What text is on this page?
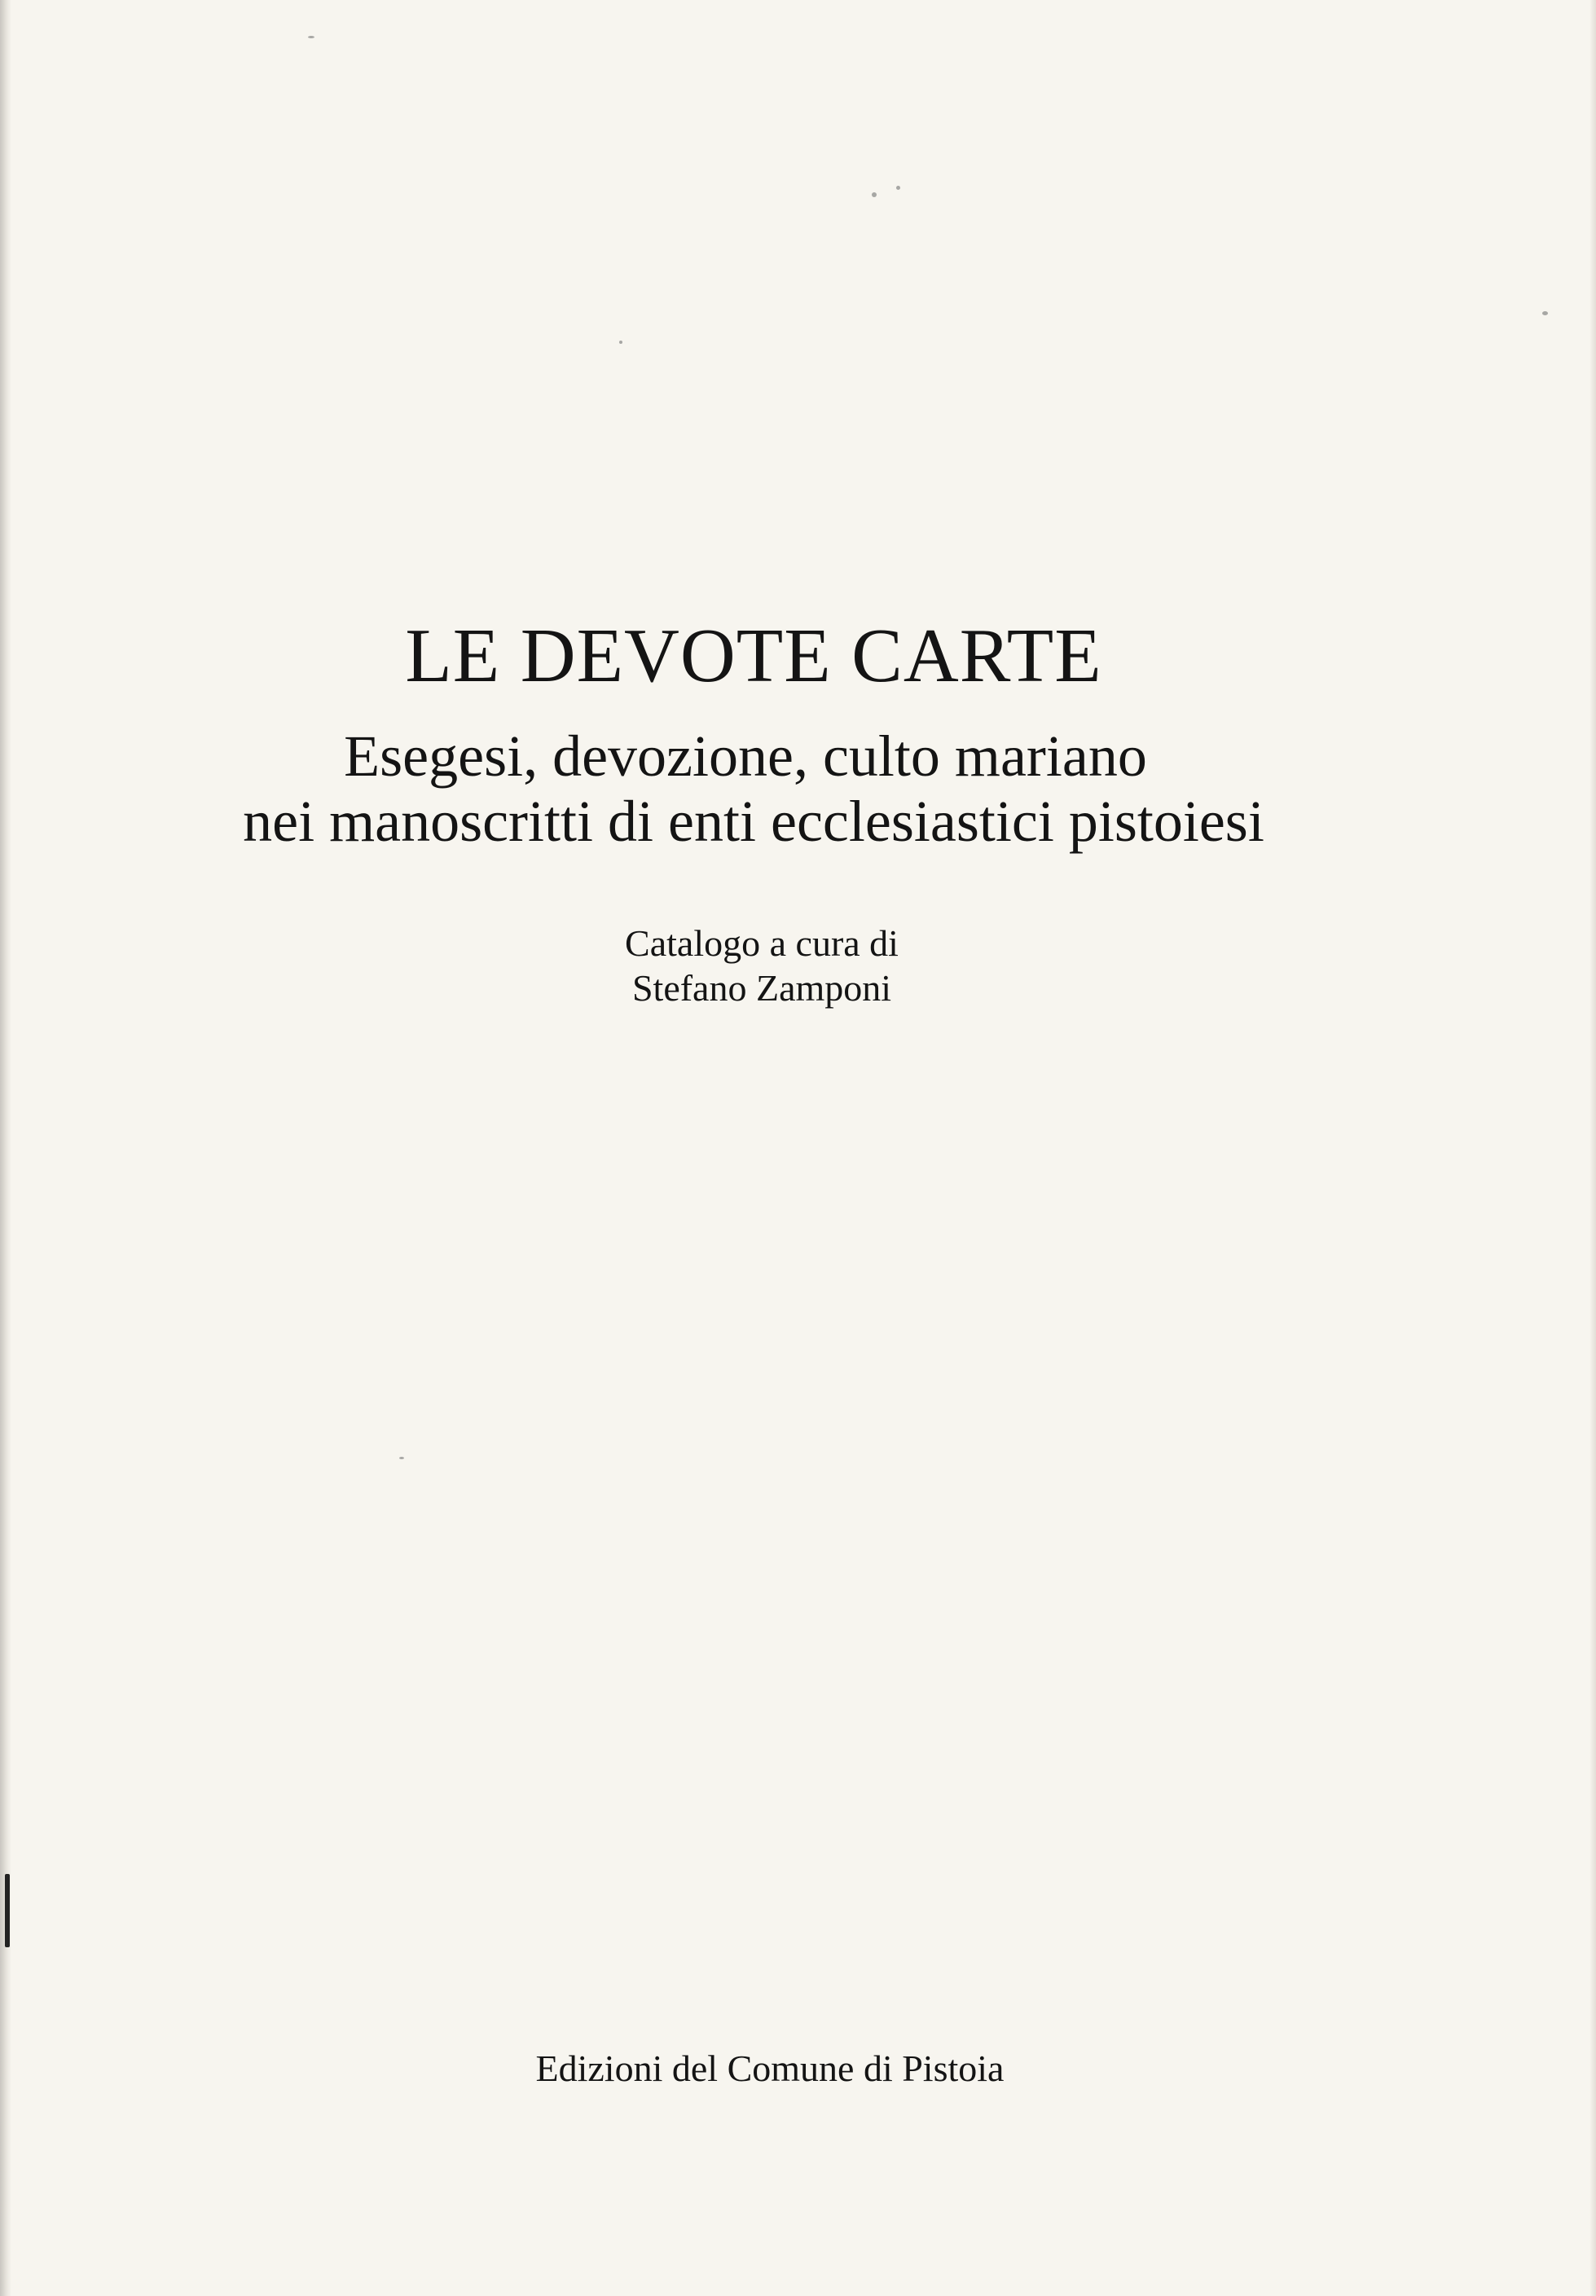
LE DEVOTE CARTE
Esegesi, devozione, culto mariano
nei manoscritti di enti ecclesiastici pistoiesi
Catalogo a cura di
Stefano Zamponi
Edizioni del Comune di Pistoia
